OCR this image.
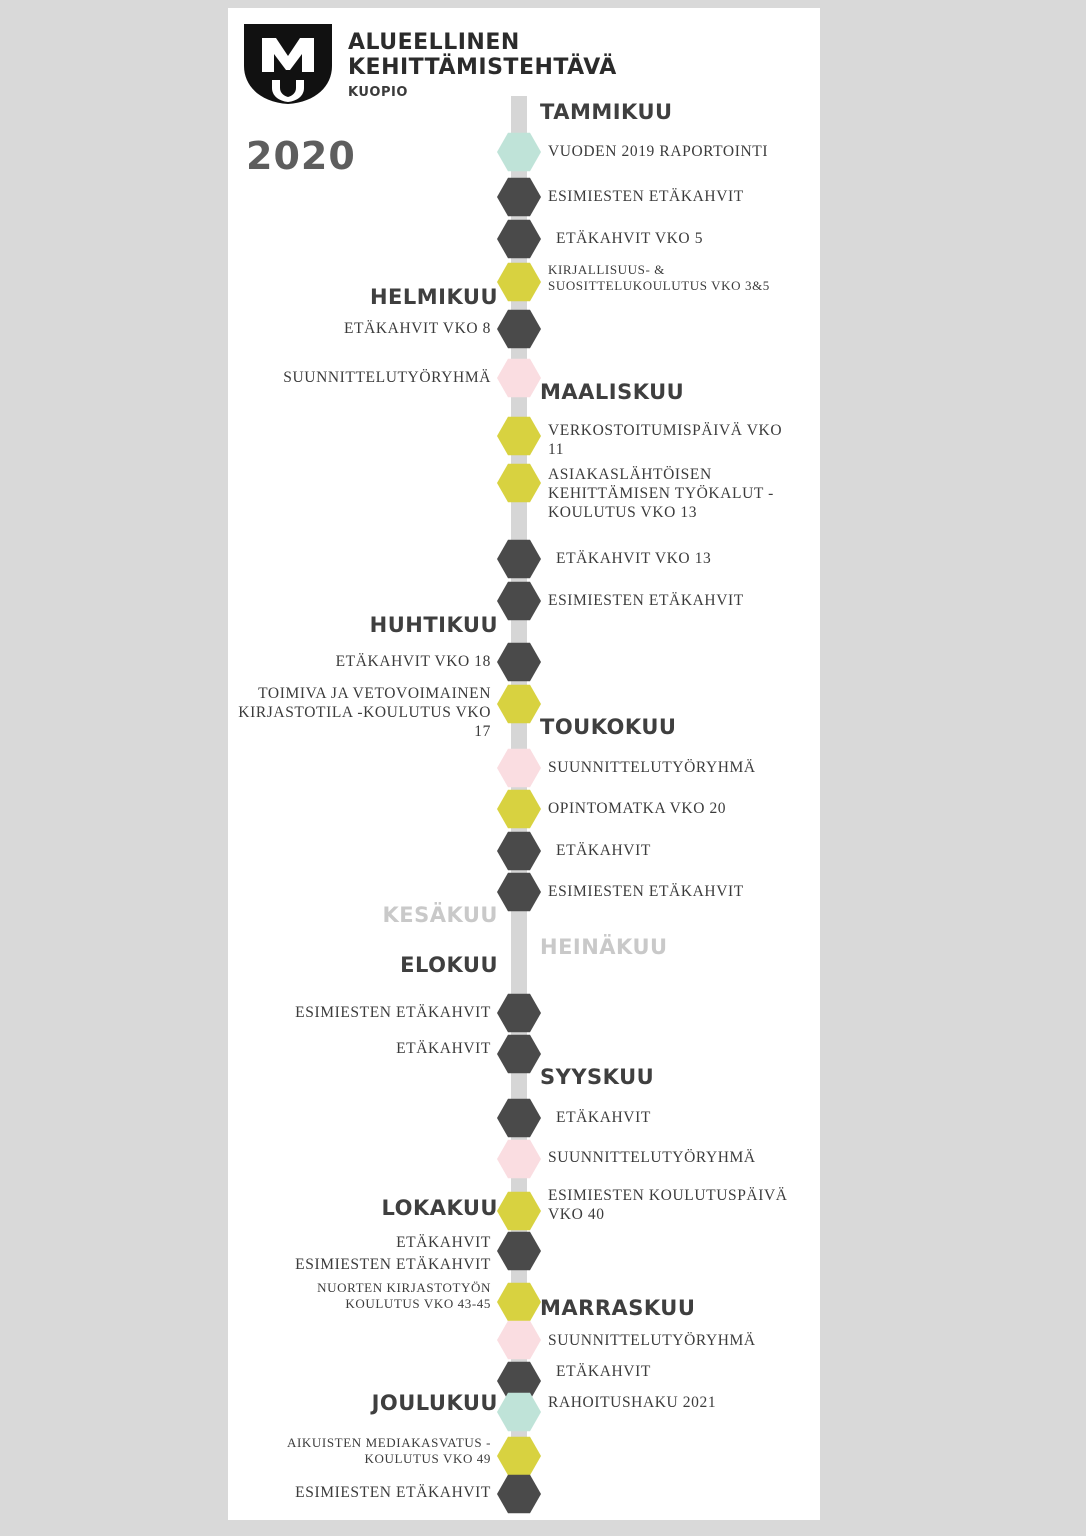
ALUEELLINEN
KEHITTÄMISTEHTÄVÄ
KUOPIO
2020
TAMMIKUU
HELMIKUU
MAALISKUU
HUHTIKUU
TOUKOKUU
KESÄKUU
HEINÄKUU
ELOKUU
SYYSKUU
LOKAKUU
MARRASKUU
JOULUKUU
VUODEN 2019 RAPORTOINTI
ESIMIESTEN ETÄKAHVIT
ETÄKAHVIT VKO 5
KIRJALLISUUS- & SUOSITTELUKOULUTUS VKO 3&5
ETÄKAHVIT VKO 8
SUUNNITTELUTYÖRYHMÄ
VERKOSTOITUMISPÄIVÄ VKO 11
ASIAKASLÄHTÖISEN KEHITTÄMISEN TYÖKALUT -KOULUTUS VKO 13
ETÄKAHVIT VKO 13
ESIMIESTEN ETÄKAHVIT
ETÄKAHVIT VKO 18
TOIMIVA JA VETOVOIMAINEN KIRJASTOTILA -KOULUTUS VKO 17
SUUNNITTELUTYÖRYHMÄ
OPINTOMATKA VKO 20
ETÄKAHVIT
ESIMIESTEN ETÄKAHVIT
ESIMIESTEN ETÄKAHVIT
ETÄKAHVIT
ETÄKAHVIT
SUUNNITTELUTYÖRYHMÄ
ESIMIESTEN KOULUTUSPÄIVÄ VKO 40
ETÄKAHVIT
ESIMIESTEN ETÄKAHVIT
NUORTEN KIRJASTOTYÖN KOULUTUS VKO 43-45
SUUNNITTELUTYÖRYHMÄ
ETÄKAHVIT
RAHOITUSHAKU 2021
AIKUISTEN MEDIAKASVATUS -KOULUTUS VKO 49
ESIMIESTEN ETÄKAHVIT
